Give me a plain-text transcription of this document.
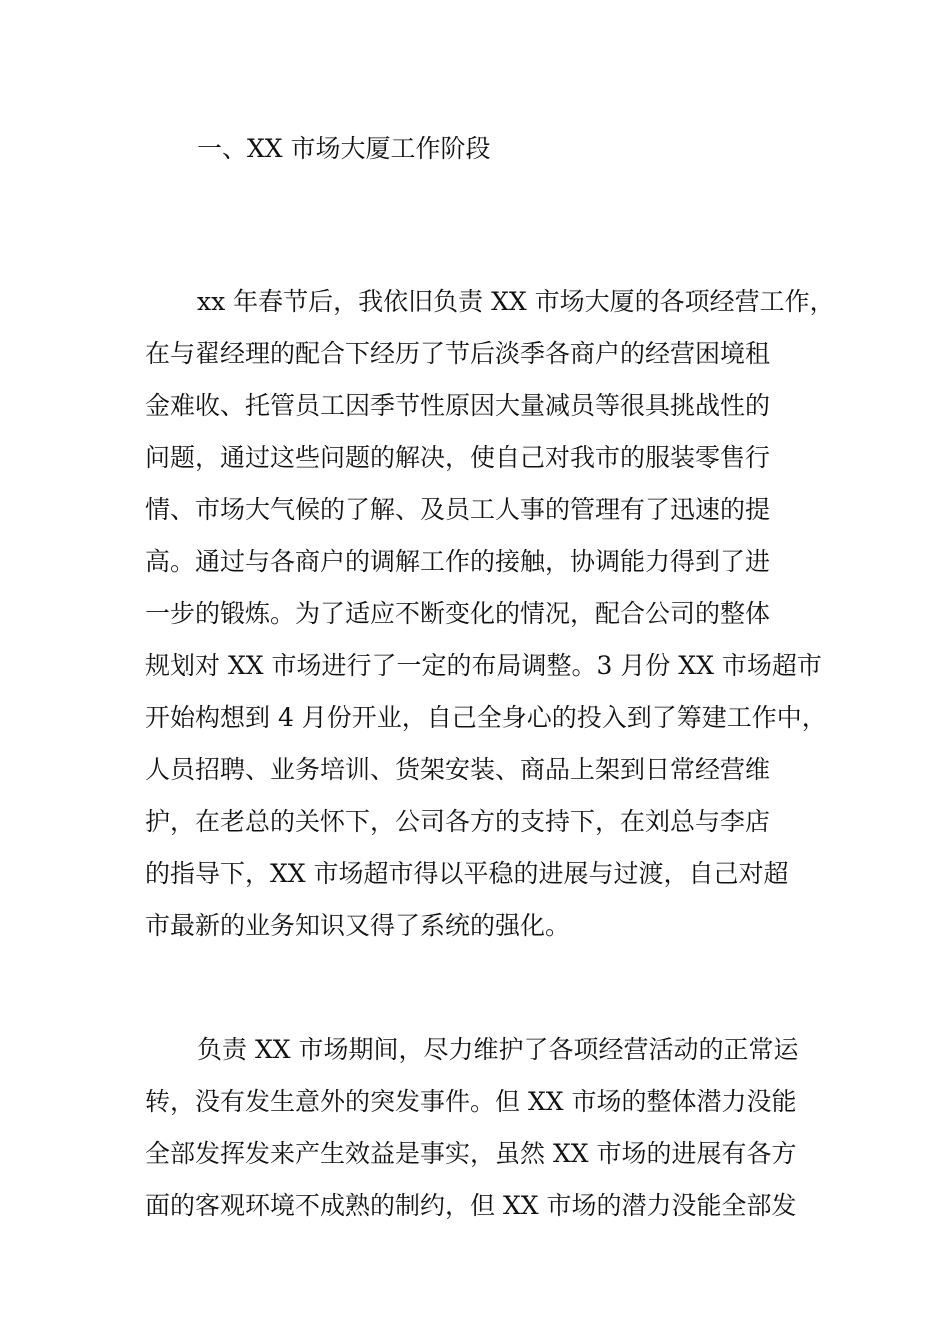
一、XX 市场大厦工作阶段
xx 年春节后，我依旧负责 XX 市场大厦的各项经营工作，
在与翟经理的配合下经历了节后淡季各商户的经营困境租
金难收、托管员工因季节性原因大量减员等很具挑战性的
问题，通过这些问题的解决，使自己对我市的服装零售行
情、市场大气候的了解、及员工人事的管理有了迅速的提
高。通过与各商户的调解工作的接触，协调能力得到了进
一步的锻炼。为了适应不断变化的情况，配合公司的整体
规划对 XX 市场进行了一定的布局调整。3 月份 XX 市场超市
开始构想到 4 月份开业，自己全身心的投入到了筹建工作中，
人员招聘、业务培训、货架安装、商品上架到日常经营维
护，在老总的关怀下，公司各方的支持下，在刘总与李店
的指导下，XX 市场超市得以平稳的进展与过渡，自己对超
市最新的业务知识又得了系统的强化。
负责 XX 市场期间，尽力维护了各项经营活动的正常运
转，没有发生意外的突发事件。但 XX 市场的整体潜力没能
全部发挥发来产生效益是事实，虽然 XX 市场的进展有各方
面的客观环境不成熟的制约，但 XX 市场的潜力没能全部发
